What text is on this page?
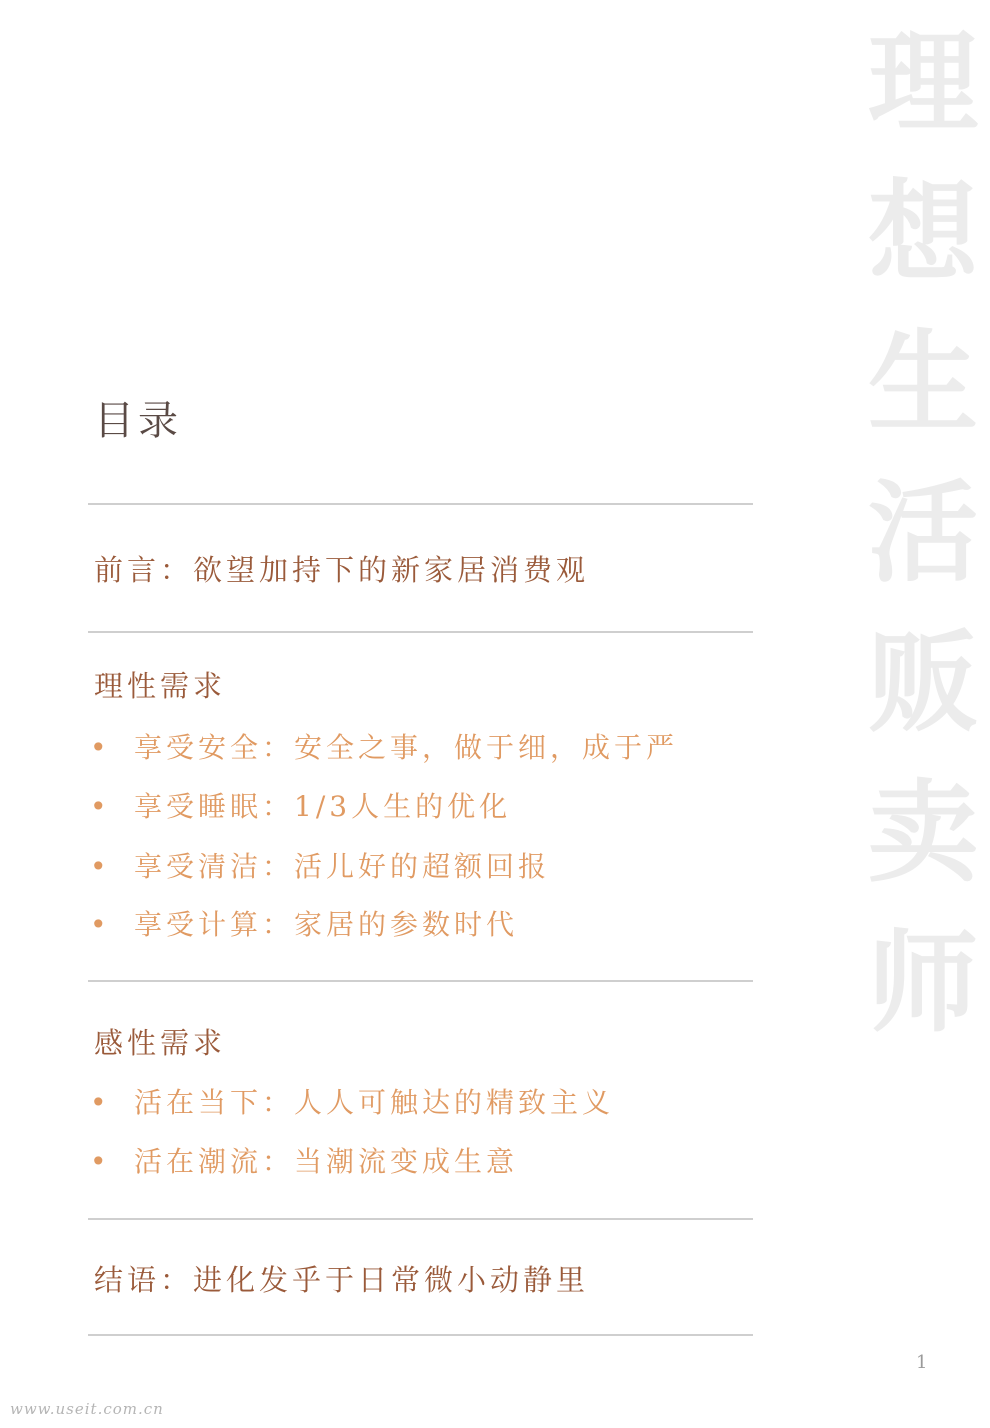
理
想
生
活
贩
卖
师
目录
前言：欲望加持下的新家居消费观
理性需求
• 享受安全：安全之事，做于细，成于严
• 享受睡眠：1/3人生的优化
• 享受清洁：活儿好的超额回报
• 享受计算：家居的参数时代
感性需求
• 活在当下：人人可触达的精致主义
• 活在潮流：当潮流变成生意
结语：进化发乎于日常微小动静里
1
www.useit.com.cn
